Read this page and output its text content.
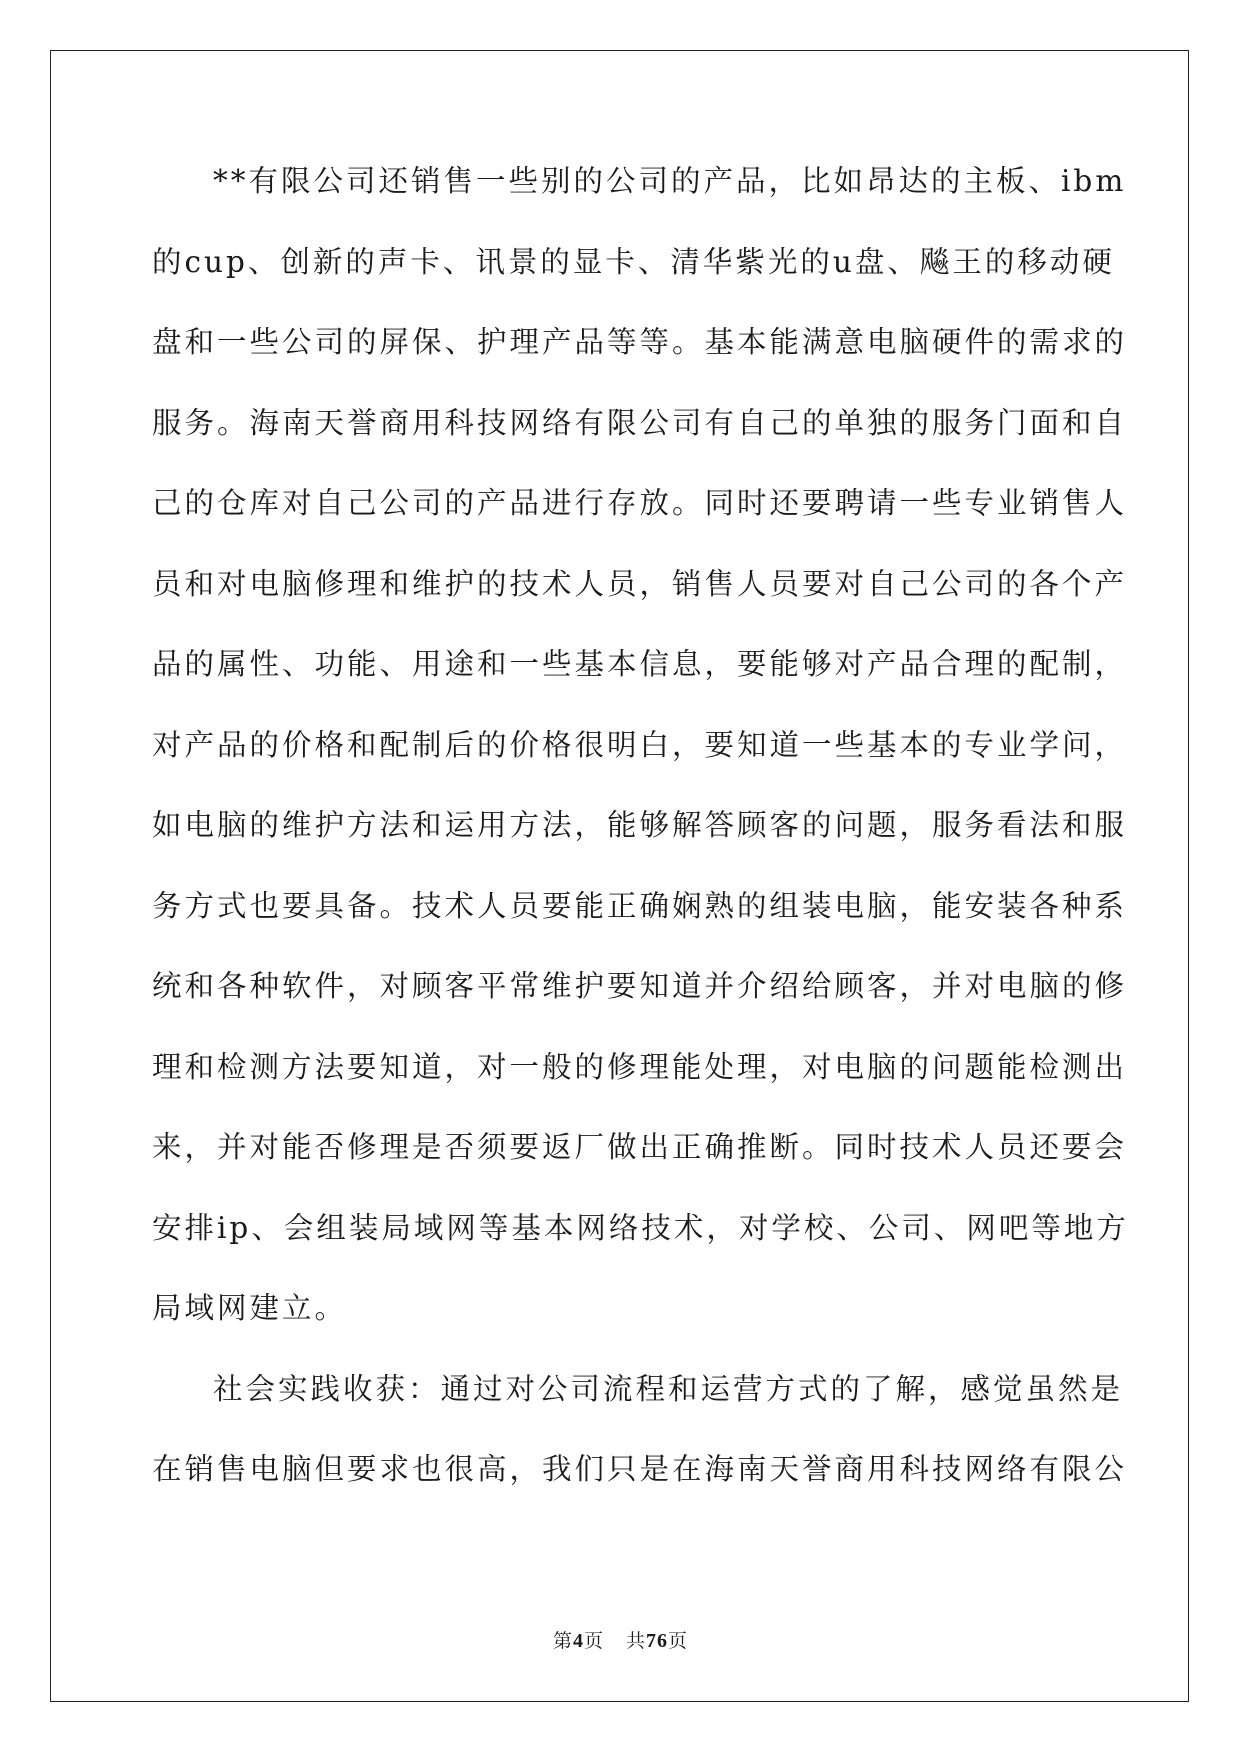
**有限公司还销售一些别的公司的产品，比如昂达的主板、ibm
的cup、创新的声卡、讯景的显卡、清华紫光的u盘、飚王的移动硬
盘和一些公司的屏保、护理产品等等。基本能满意电脑硬件的需求的
服务。海南天誉商用科技网络有限公司有自己的单独的服务门面和自
己的仓库对自己公司的产品进行存放。同时还要聘请一些专业销售人
员和对电脑修理和维护的技术人员，销售人员要对自己公司的各个产
品的属性、功能、用途和一些基本信息，要能够对产品合理的配制，
对产品的价格和配制后的价格很明白，要知道一些基本的专业学问，
如电脑的维护方法和运用方法，能够解答顾客的问题，服务看法和服
务方式也要具备。技术人员要能正确娴熟的组装电脑，能安装各种系
统和各种软件，对顾客平常维护要知道并介绍给顾客，并对电脑的修
理和检测方法要知道，对一般的修理能处理，对电脑的问题能检测出
来，并对能否修理是否须要返厂做出正确推断。同时技术人员还要会
安排ip、会组装局域网等基本网络技术，对学校、公司、网吧等地方
局域网建立。
社会实践收获：通过对公司流程和运营方式的了解，感觉虽然是
在销售电脑但要求也很高，我们只是在海南天誉商用科技网络有限公
第4页 共76页
